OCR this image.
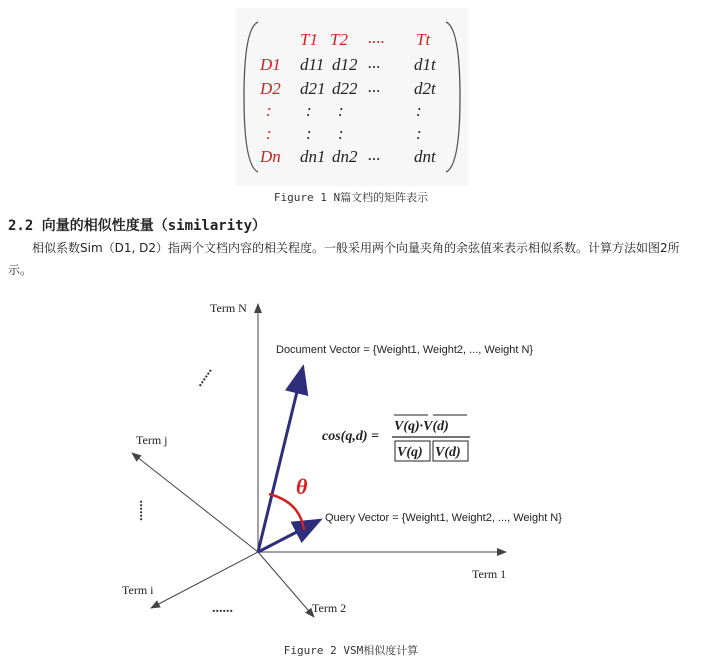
T1 T2 .... Tt
D1 d11 d12 ... d1t
D2 d21 d22 ... d2t
: : :	:
: : :	:
Dn dn1 dn2 ... dnt
Figure 1 N篇文档的矩阵表示
2.2 向量的相似性度量（similarity）
相似系数Sim（D1, D2）指两个文档内容的相关程度。一般采用两个向量夹角的余弦值来表示相似系数。计算方法如图2所示。
θ
......
......
......
Term N
Term j
Term i
Term 1
Term 2
Document Vector = {Weight1, Weight2, ..., Weight N}
Query Vector = {Weight1, Weight2, ..., Weight N}
cos(q,d) =
V(q)·V(d)
V(q) V(d)
Figure 2 VSM相似度计算
